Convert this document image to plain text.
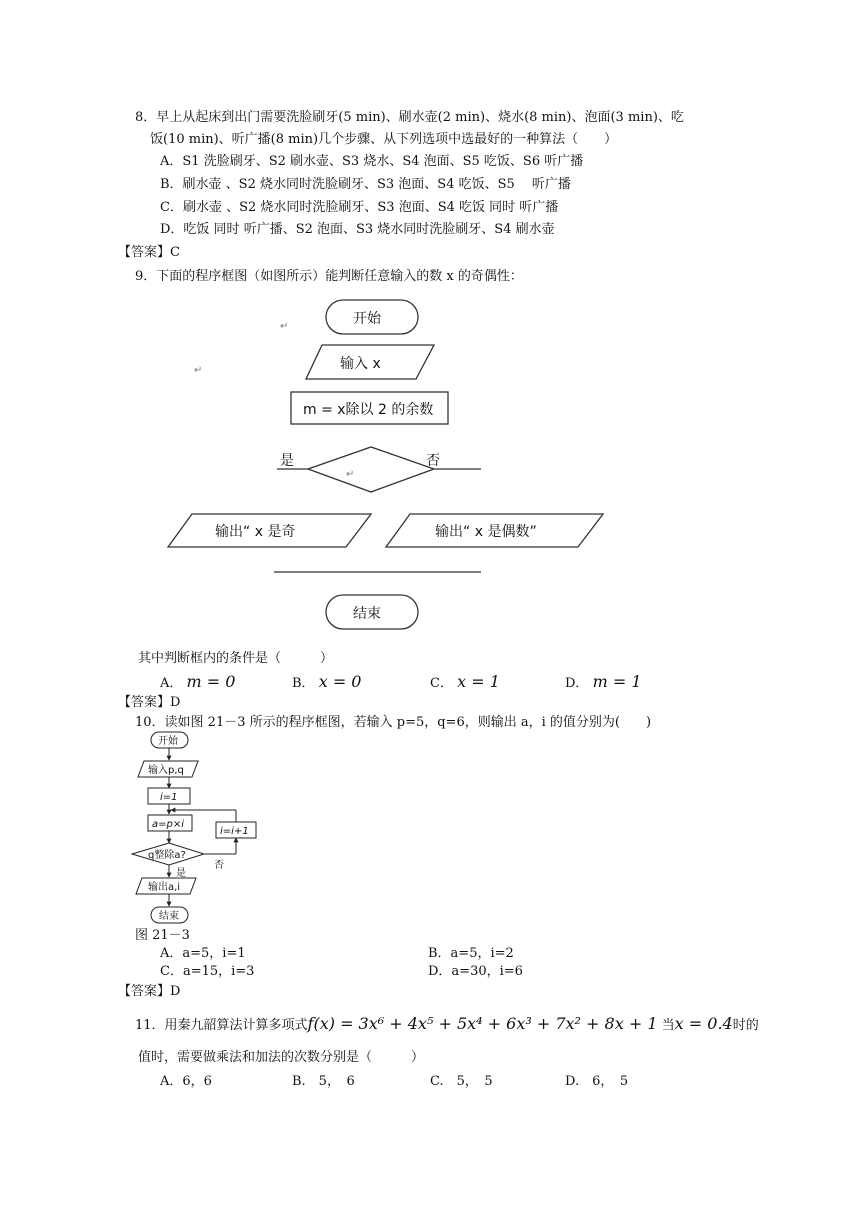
8．早上从起床到出门需要洗脸刷牙(5 min)、刷水壶(2 min)、烧水(8 min)、泡面(3 min)、吃
饭(10 min)、听广播(8 min)几个步骤、从下列选项中选最好的一种算法（　　）
A．S1 洗脸刷牙、S2 刷水壶、S3 烧水、S4 泡面、S5 吃饭、S6 听广播
B．刷水壶 、S2 烧水同时洗脸刷牙、S3 泡面、S4 吃饭、S5　 听广播
C．刷水壶 、S2 烧水同时洗脸刷牙、S3 泡面、S4 吃饭 同时 听广播
D．吃饭 同时 听广播、S2 泡面、S3 烧水同时洗脸刷牙、S4 刷水壶
【答案】C
9．下面的程序框图（如图所示）能判断任意输入的数 x 的奇偶性：
开始
输入 x
m = x除以 2 的余数
是	否
输出“ x 是奇	输出“ x 是偶数”
结束
↵
↵
↵
其中判断框内的条件是（　　　）
A． m = 0	B． x = 0	C． x = 1	D． m = 1
【答案】D
10．读如图 21－3 所示的程序框图，若输入 p=5，q=6，则输出 a，i 的值分别为(　　)
开始
输入p,q
i=1
a=p×i
i=i+1
q整除a?
是
否
输出a,i
结束
图 21－3
A．a=5，i=1	B．a=5，i=2
C．a=15，i=3	D．a=30，i=6
【答案】D
11．用秦九韶算法计算多项式f(x) = 3x⁶ + 4x⁵ + 5x⁴ + 6x³ + 7x² + 8x + 1 当x = 0.4时的
值时，需要做乘法和加法的次数分别是（　　　）
A．6，6	B.　5，　6	C.　5，　5	D.　6，　5
